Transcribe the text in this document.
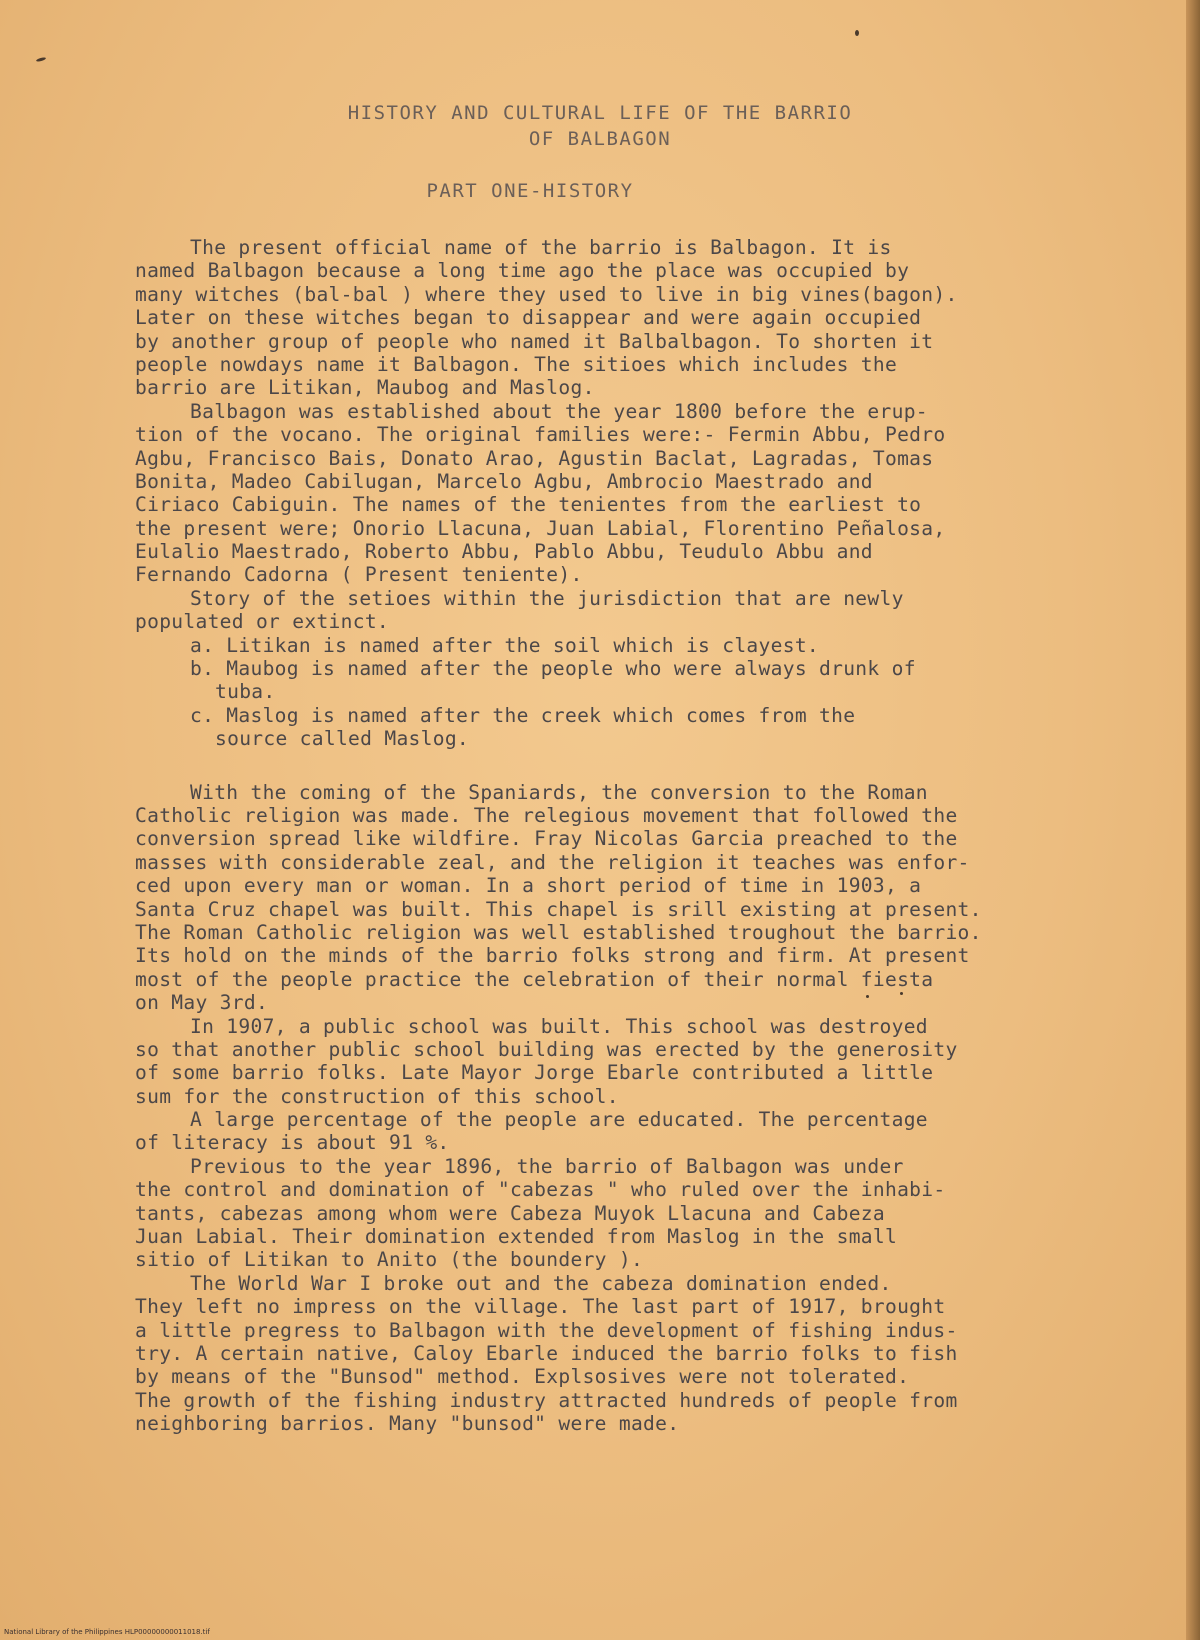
HISTORY AND CULTURAL LIFE OF THE BARRIO
OF BALBAGON
PART ONE-HISTORY
The present official name of the barrio is Balbagon. It is
named Balbagon because a long time ago the place was occupied by
many witches (bal-bal ) where they used to live in big vines(bagon).
Later on these witches began to disappear and were again occupied
by another group of people who named it Balbalbagon. To shorten it
people nowdays name it Balbagon. The sitioes which includes the
barrio are Litikan, Maubog and Maslog.
Balbagon was established about the year 1800 before the erup-
tion of the vocano. The original families were:- Fermin Abbu, Pedro
Agbu, Francisco Bais, Donato Arao, Agustin Baclat, Lagradas, Tomas
Bonita, Madeo Cabilugan, Marcelo Agbu, Ambrocio Maestrado and
Ciriaco Cabiguin. The names of the tenientes from the earliest to
the present were; Onorio Llacuna, Juan Labial, Florentino Peñalosa,
Eulalio Maestrado, Roberto Abbu, Pablo Abbu, Teudulo Abbu and
Fernando Cadorna ( Present teniente).
Story of the setioes within the jurisdiction that are newly
populated or extinct.
a. Litikan is named after the soil which is clayest.
b. Maubog is named after the people who were always drunk of
tuba.
c. Maslog is named after the creek which comes from the
source called Maslog.
With the coming of the Spaniards, the conversion to the Roman
Catholic religion was made. The relegious movement that followed the
conversion spread like wildfire. Fray Nicolas Garcia preached to the
masses with considerable zeal, and the religion it teaches was enfor-
ced upon every man or woman. In a short period of time in 1903, a
Santa Cruz chapel was built. This chapel is srill existing at present.
The Roman Catholic religion was well established troughout the barrio.
Its hold on the minds of the barrio folks strong and firm. At present
most of the people practice the celebration of their normal fiesta
on May 3rd.
In 1907, a public school was built. This school was destroyed
so that another public school building was erected by the generosity
of some barrio folks. Late Mayor Jorge Ebarle contributed a little
sum for the construction of this school.
A large percentage of the people are educated. The percentage
of literacy is about 91 %.
Previous to the year 1896, the barrio of Balbagon was under
the control and domination of "cabezas " who ruled over the inhabi-
tants, cabezas among whom were Cabeza Muyok Llacuna and Cabeza
Juan Labial. Their domination extended from Maslog in the small
sitio of Litikan to Anito (the boundery ).
The World War I broke out and the cabeza domination ended.
They left no impress on the village. The last part of 1917, brought
a little pregress to Balbagon with the development of fishing indus-
try. A certain native, Caloy Ebarle induced the barrio folks to fish
by means of the "Bunsod" method. Explsosives were not tolerated.
The growth of the fishing industry attracted hundreds of people from
neighboring barrios. Many "bunsod" were made.
National Library of the Philippines HLP00000000011018.tif
